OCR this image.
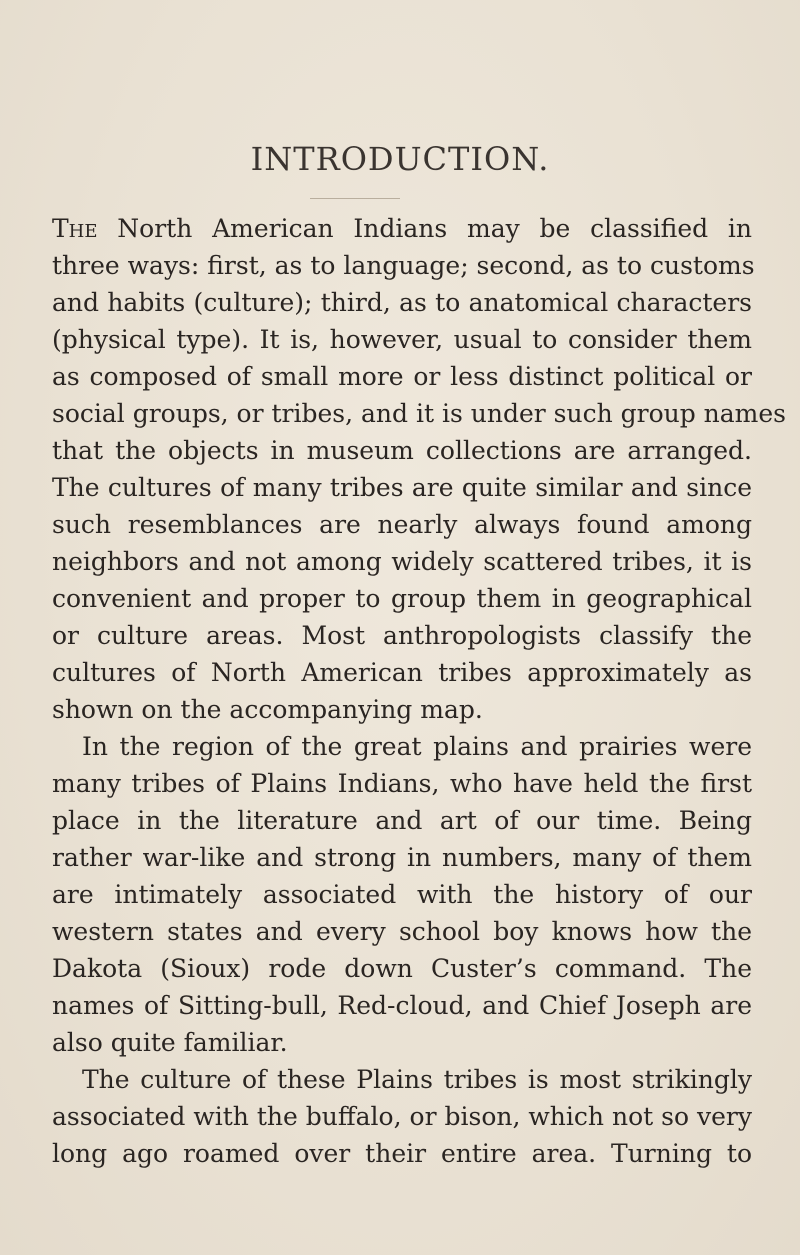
INTRODUCTION.
The North American Indians may be classified in
three ways: first, as to language; second, as to customs
and habits (culture); third, as to anatomical characters
(physical type). It is, however, usual to consider them
as composed of small more or less distinct political or
social groups, or tribes, and it is under such group names
that the objects in museum collections are arranged.
The cultures of many tribes are quite similar and since
such resemblances are nearly always found among
neighbors and not among widely scattered tribes, it is
convenient and proper to group them in geographical
or culture areas. Most anthropologists classify the
cultures of North American tribes approximately as
shown on the accompanying map.
In the region of the great plains and prairies were
many tribes of Plains Indians, who have held the first
place in the literature and art of our time. Being
rather war-like and strong in numbers, many of them
are intimately associated with the history of our
western states and every school boy knows how the
Dakota (Sioux) rode down Custer’s command. The
names of Sitting-bull, Red-cloud, and Chief Joseph are
also quite familiar.
The culture of these Plains tribes is most strikingly
associated with the buffalo, or bison, which not so very
long ago roamed over their entire area. Turning to
